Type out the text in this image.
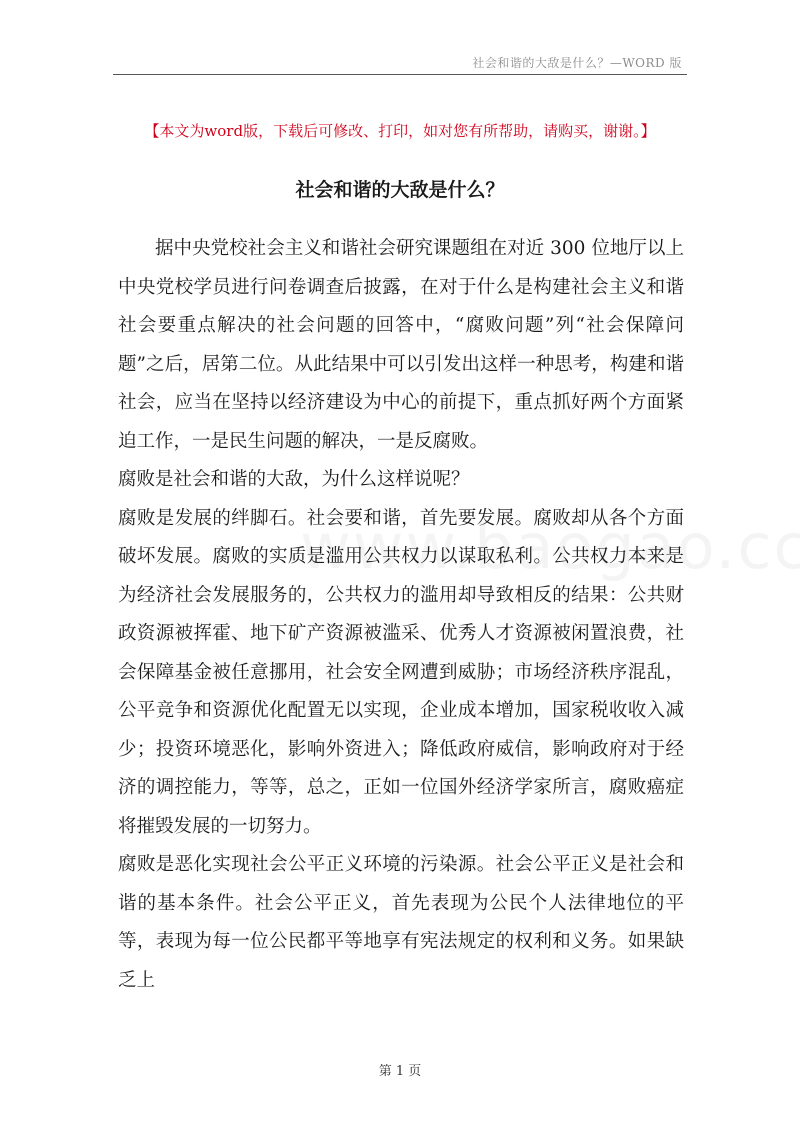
社会和谐的大敌是什么？—WORD 版
【本文为word版，下载后可修改、打印，如对您有所帮助，请购买，谢谢。】
社会和谐的大敌是什么？

据中央党校社会主义和谐社会研究课题组在对近 300 位地厅以上中央党校学员进行问卷调查后披露，在对于什么是构建社会主义和谐社会要重点解决的社会问题的回答中，“腐败问题”列“社会保障问题”之后，居第二位。从此结果中可以引发出这样一种思考，构建和谐社会，应当在坚持以经济建设为中心的前提下，重点抓好两个方面紧迫工作，一是民生问题的解决，一是反腐败。

腐败是社会和谐的大敌，为什么这样说呢？

腐败是发展的绊脚石。社会要和谐，首先要发展。腐败却从各个方面破坏发展。腐败的实质是滥用公共权力以谋取私利。公共权力本来是为经济社会发展服务的，公共权力的滥用却导致相反的结果：公共财政资源被挥霍、地下矿产资源被滥采、优秀人才资源被闲置浪费，社会保障基金被任意挪用，社会安全网遭到威胁；市场经济秩序混乱，公平竞争和资源优化配置无以实现，企业成本增加，国家税收收入减少；投资环境恶化，影响外资进入；降低政府威信，影响政府对于经济的调控能力，等等，总之，正如一位国外经济学家所言，腐败癌症将摧毁发展的一切努力。

腐败是恶化实现社会公平正义环境的污染源。社会公平正义是社会和谐的基本条件。社会公平正义，首先表现为公民个人法律地位的平等，表现为每一位公民都平等地享有宪法规定的权利和义务。如果缺乏上

第 1 页
